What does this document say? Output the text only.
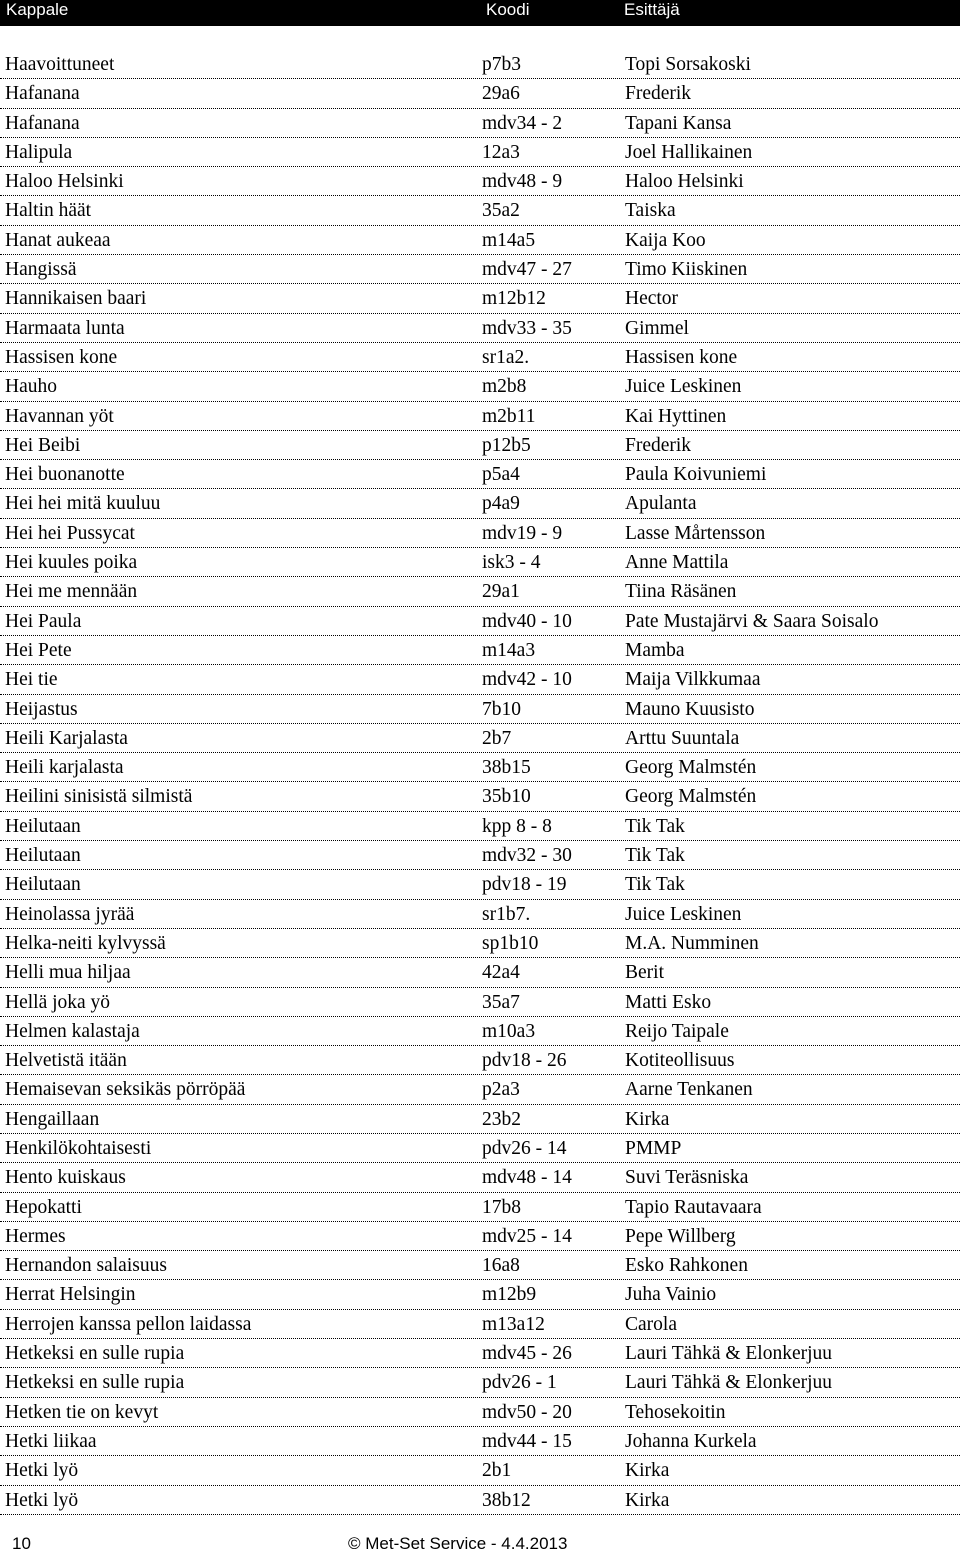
Kappale	Koodi	Esittäjä
Haavoittuneet	p7b3	Topi Sorsakoski
Hafanana	29a6	Frederik
Hafanana	mdv34 - 2	Tapani Kansa
Halipula	12a3	Joel Hallikainen
Haloo Helsinki	mdv48 - 9	Haloo Helsinki
Haltin häät	35a2	Taiska
Hanat aukeaa	m14a5	Kaija Koo
Hangissä	mdv47 - 27	Timo Kiiskinen
Hannikaisen baari	m12b12	Hector
Harmaata lunta	mdv33 - 35	Gimmel
Hassisen kone	sr1a2.	Hassisen kone
Hauho	m2b8	Juice Leskinen
Havannan yöt	m2b11	Kai Hyttinen
Hei Beibi	p12b5	Frederik
Hei buonanotte	p5a4	Paula Koivuniemi
Hei hei mitä kuuluu	p4a9	Apulanta
Hei hei Pussycat	mdv19 - 9	Lasse Mårtensson
Hei kuules poika	isk3 - 4	Anne Mattila
Hei me mennään	29a1	Tiina Räsänen
Hei Paula	mdv40 - 10	Pate Mustajärvi & Saara Soisalo
Hei Pete	m14a3	Mamba
Hei tie	mdv42 - 10	Maija Vilkkumaa
Heijastus	7b10	Mauno Kuusisto
Heili Karjalasta	2b7	Arttu Suuntala
Heili karjalasta	38b15	Georg Malmstén
Heilini sinisistä silmistä	35b10	Georg Malmstén
Heilutaan	kpp 8 - 8	Tik Tak
Heilutaan	mdv32 - 30	Tik Tak
Heilutaan	pdv18 - 19	Tik Tak
Heinolassa jyrää	sr1b7.	Juice Leskinen
Helka-neiti kylvyssä	sp1b10	M.A. Numminen
Helli mua hiljaa	42a4	Berit
Hellä joka yö	35a7	Matti Esko
Helmen kalastaja	m10a3	Reijo Taipale
Helvetistä itään	pdv18 - 26	Kotiteollisuus
Hemaisevan seksikäs pörröpää	p2a3	Aarne Tenkanen
Hengaillaan	23b2	Kirka
Henkilökohtaisesti	pdv26 - 14	PMMP
Hento kuiskaus	mdv48 - 14	Suvi Teräsniska
Hepokatti	17b8	Tapio Rautavaara
Hermes	mdv25 - 14	Pepe Willberg
Hernandon salaisuus	16a8	Esko Rahkonen
Herrat Helsingin	m12b9	Juha Vainio
Herrojen kanssa pellon laidassa	m13a12	Carola
Hetkeksi en sulle rupia	mdv45 - 26	Lauri Tähkä & Elonkerjuu
Hetkeksi en sulle rupia	pdv26 - 1	Lauri Tähkä & Elonkerjuu
Hetken tie on kevyt	mdv50 - 20	Tehosekoitin
Hetki liikaa	mdv44 - 15	Johanna Kurkela
Hetki lyö	2b1	Kirka
Hetki lyö	38b12	Kirka
10	© Met-Set Service - 4.4.2013
